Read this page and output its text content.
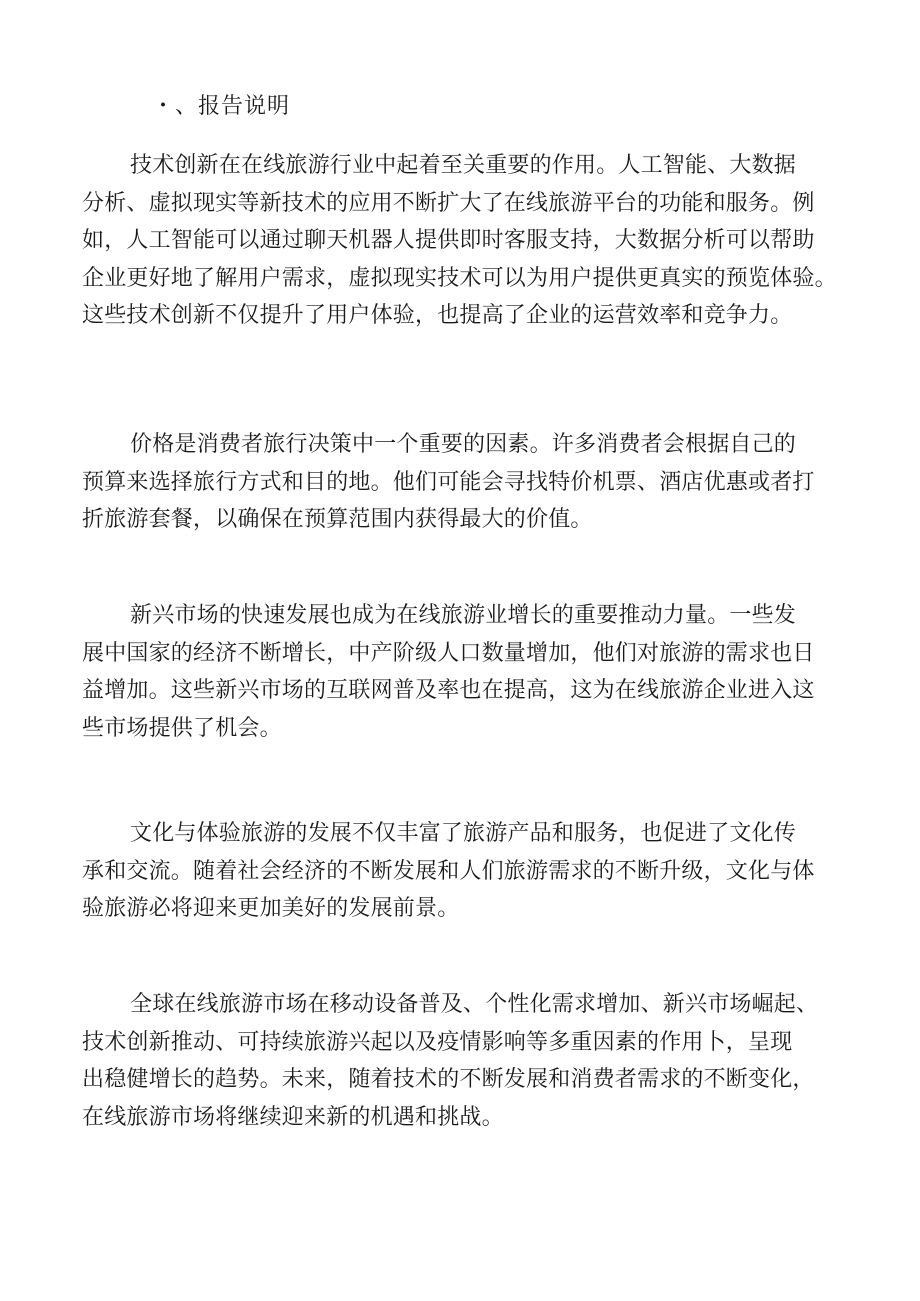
・、报告说明
技术创新在在线旅游行业中起着至关重要的作用。人工智能、大数据
分析、虚拟现实等新技术的应用不断扩大了在线旅游平台的功能和服务。例
如，人工智能可以通过聊天机器人提供即时客服支持，大数据分析可以帮助
企业更好地了解用户需求，虚拟现实技术可以为用户提供更真实的预览体验。
这些技术创新不仅提升了用户体验，也提高了企业的运营效率和竞争力。
价格是消费者旅行决策中一个重要的因素。许多消费者会根据自己的
预算来选择旅行方式和目的地。他们可能会寻找特价机票、酒店优惠或者打
折旅游套餐，以确保在预算范围内获得最大的价值。
新兴市场的快速发展也成为在线旅游业增长的重要推动力量。一些发
展中国家的经济不断增长，中产阶级人口数量增加，他们对旅游的需求也日
益增加。这些新兴市场的互联网普及率也在提高，这为在线旅游企业进入这
些市场提供了机会。
文化与体验旅游的发展不仅丰富了旅游产品和服务，也促进了文化传
承和交流。随着社会经济的不断发展和人们旅游需求的不断升级，文化与体
验旅游必将迎来更加美好的发展前景。
全球在线旅游市场在移动设备普及、个性化需求增加、新兴市场崛起、
技术创新推动、可持续旅游兴起以及疫情影响等多重因素的作用卜，呈现
出稳健增长的趋势。未来，随着技术的不断发展和消费者需求的不断变化，
在线旅游市场将继续迎来新的机遇和挑战。
